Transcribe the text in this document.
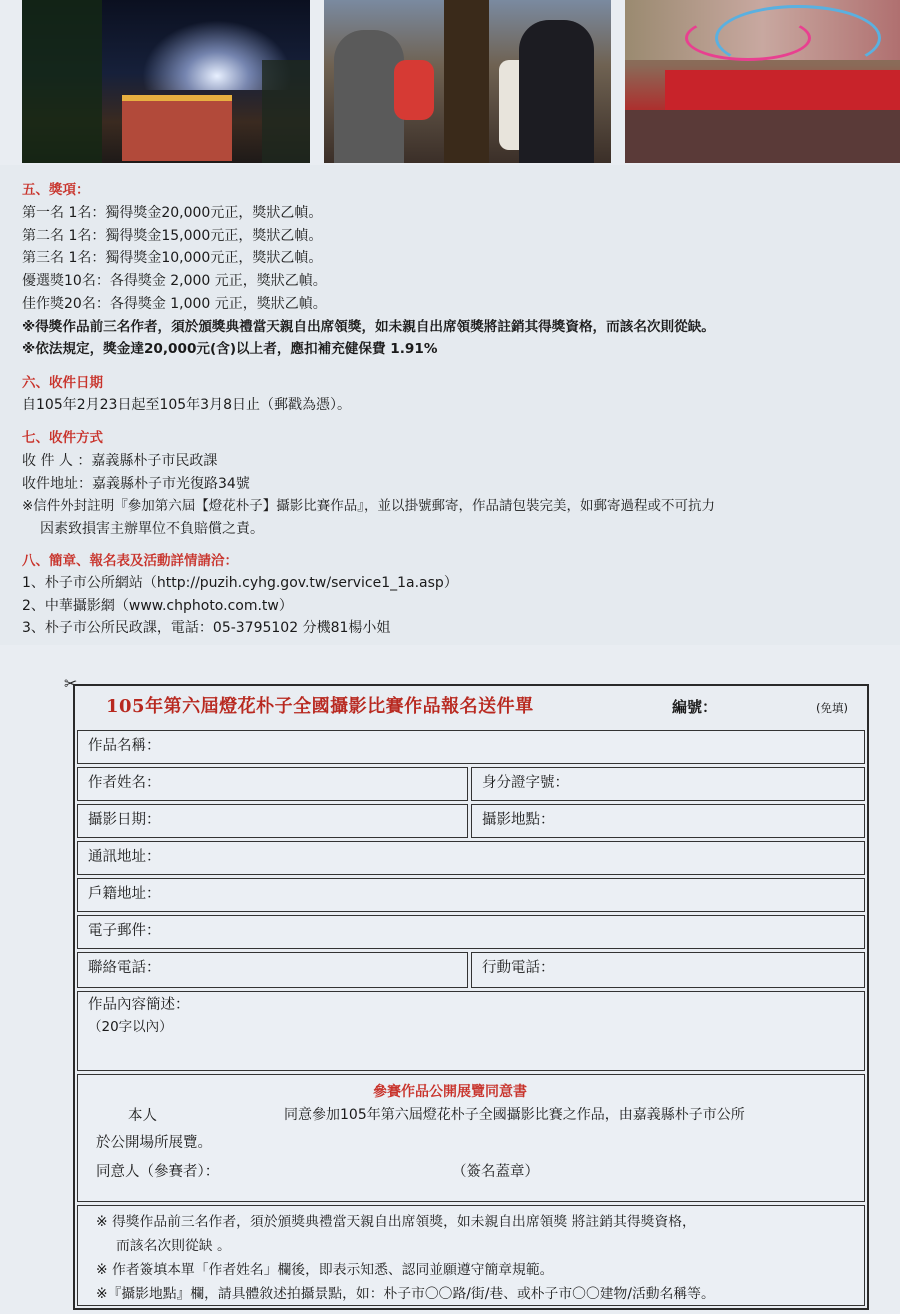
五、獎項：
第一名 1名：獨得獎金20,000元正，獎狀乙幀。
第二名 1名：獨得獎金15,000元正，獎狀乙幀。
第三名 1名：獨得獎金10,000元正，獎狀乙幀。
優選獎10名：各得獎金 2,000 元正，獎狀乙幀。
佳作獎20名：各得獎金 1,000 元正，獎狀乙幀。
※得獎作品前三名作者，須於頒獎典禮當天親自出席領獎，如未親自出席領獎將註銷其得獎資格，而該名次則從缺。
※依法規定，獎金達20,000元(含)以上者，應扣補充健保費 1.91%
六、收件日期
自105年2月23日起至105年3月8日止（郵戳為憑）。
七、收件方式
收 件 人 ：嘉義縣朴子市民政課
收件地址：嘉義縣朴子市光復路34號
※信件外封註明『參加第六屆【燈花朴子】攝影比賽作品』，並以掛號郵寄，作品請包裝完美，如郵寄過程或不可抗力
因素致損害主辦單位不負賠償之責。
八、簡章、報名表及活動詳情請洽：
1、朴子市公所網站（http://puzih.cyhg.gov.tw/service1_1a.asp）
2、中華攝影網（www.chphoto.com.tw）
3、朴子市公所民政課，電話：05-3795102 分機81楊小姐
✂
105年第六屆燈花朴子全國攝影比賽作品報名送件單	編號：	(免填)
作品名稱：
作者姓名：	身分證字號：
攝影日期：	攝影地點：
通訊地址：
戶籍地址：
電子郵件：
聯絡電話：	行動電話：
作品內容簡述：
（20字以內）
參賽作品公開展覽同意書
本人	同意參加105年第六屆燈花朴子全國攝影比賽之作品，由嘉義縣朴子市公所
於公開場所展覽。
同意人（參賽者）：	（簽名蓋章）
※ 得獎作品前三名作者，須於頒獎典禮當天親自出席領獎，如未親自出席領獎 將註銷其得獎資格，
而該名次則從缺 。
※ 作者簽填本單「作者姓名」欄後，即表示知悉、認同並願遵守簡章規範。
※『攝影地點』欄，請具體敘述拍攝景點，如：朴子市〇〇路/街/巷、或朴子市〇〇建物/活動名稱等。
